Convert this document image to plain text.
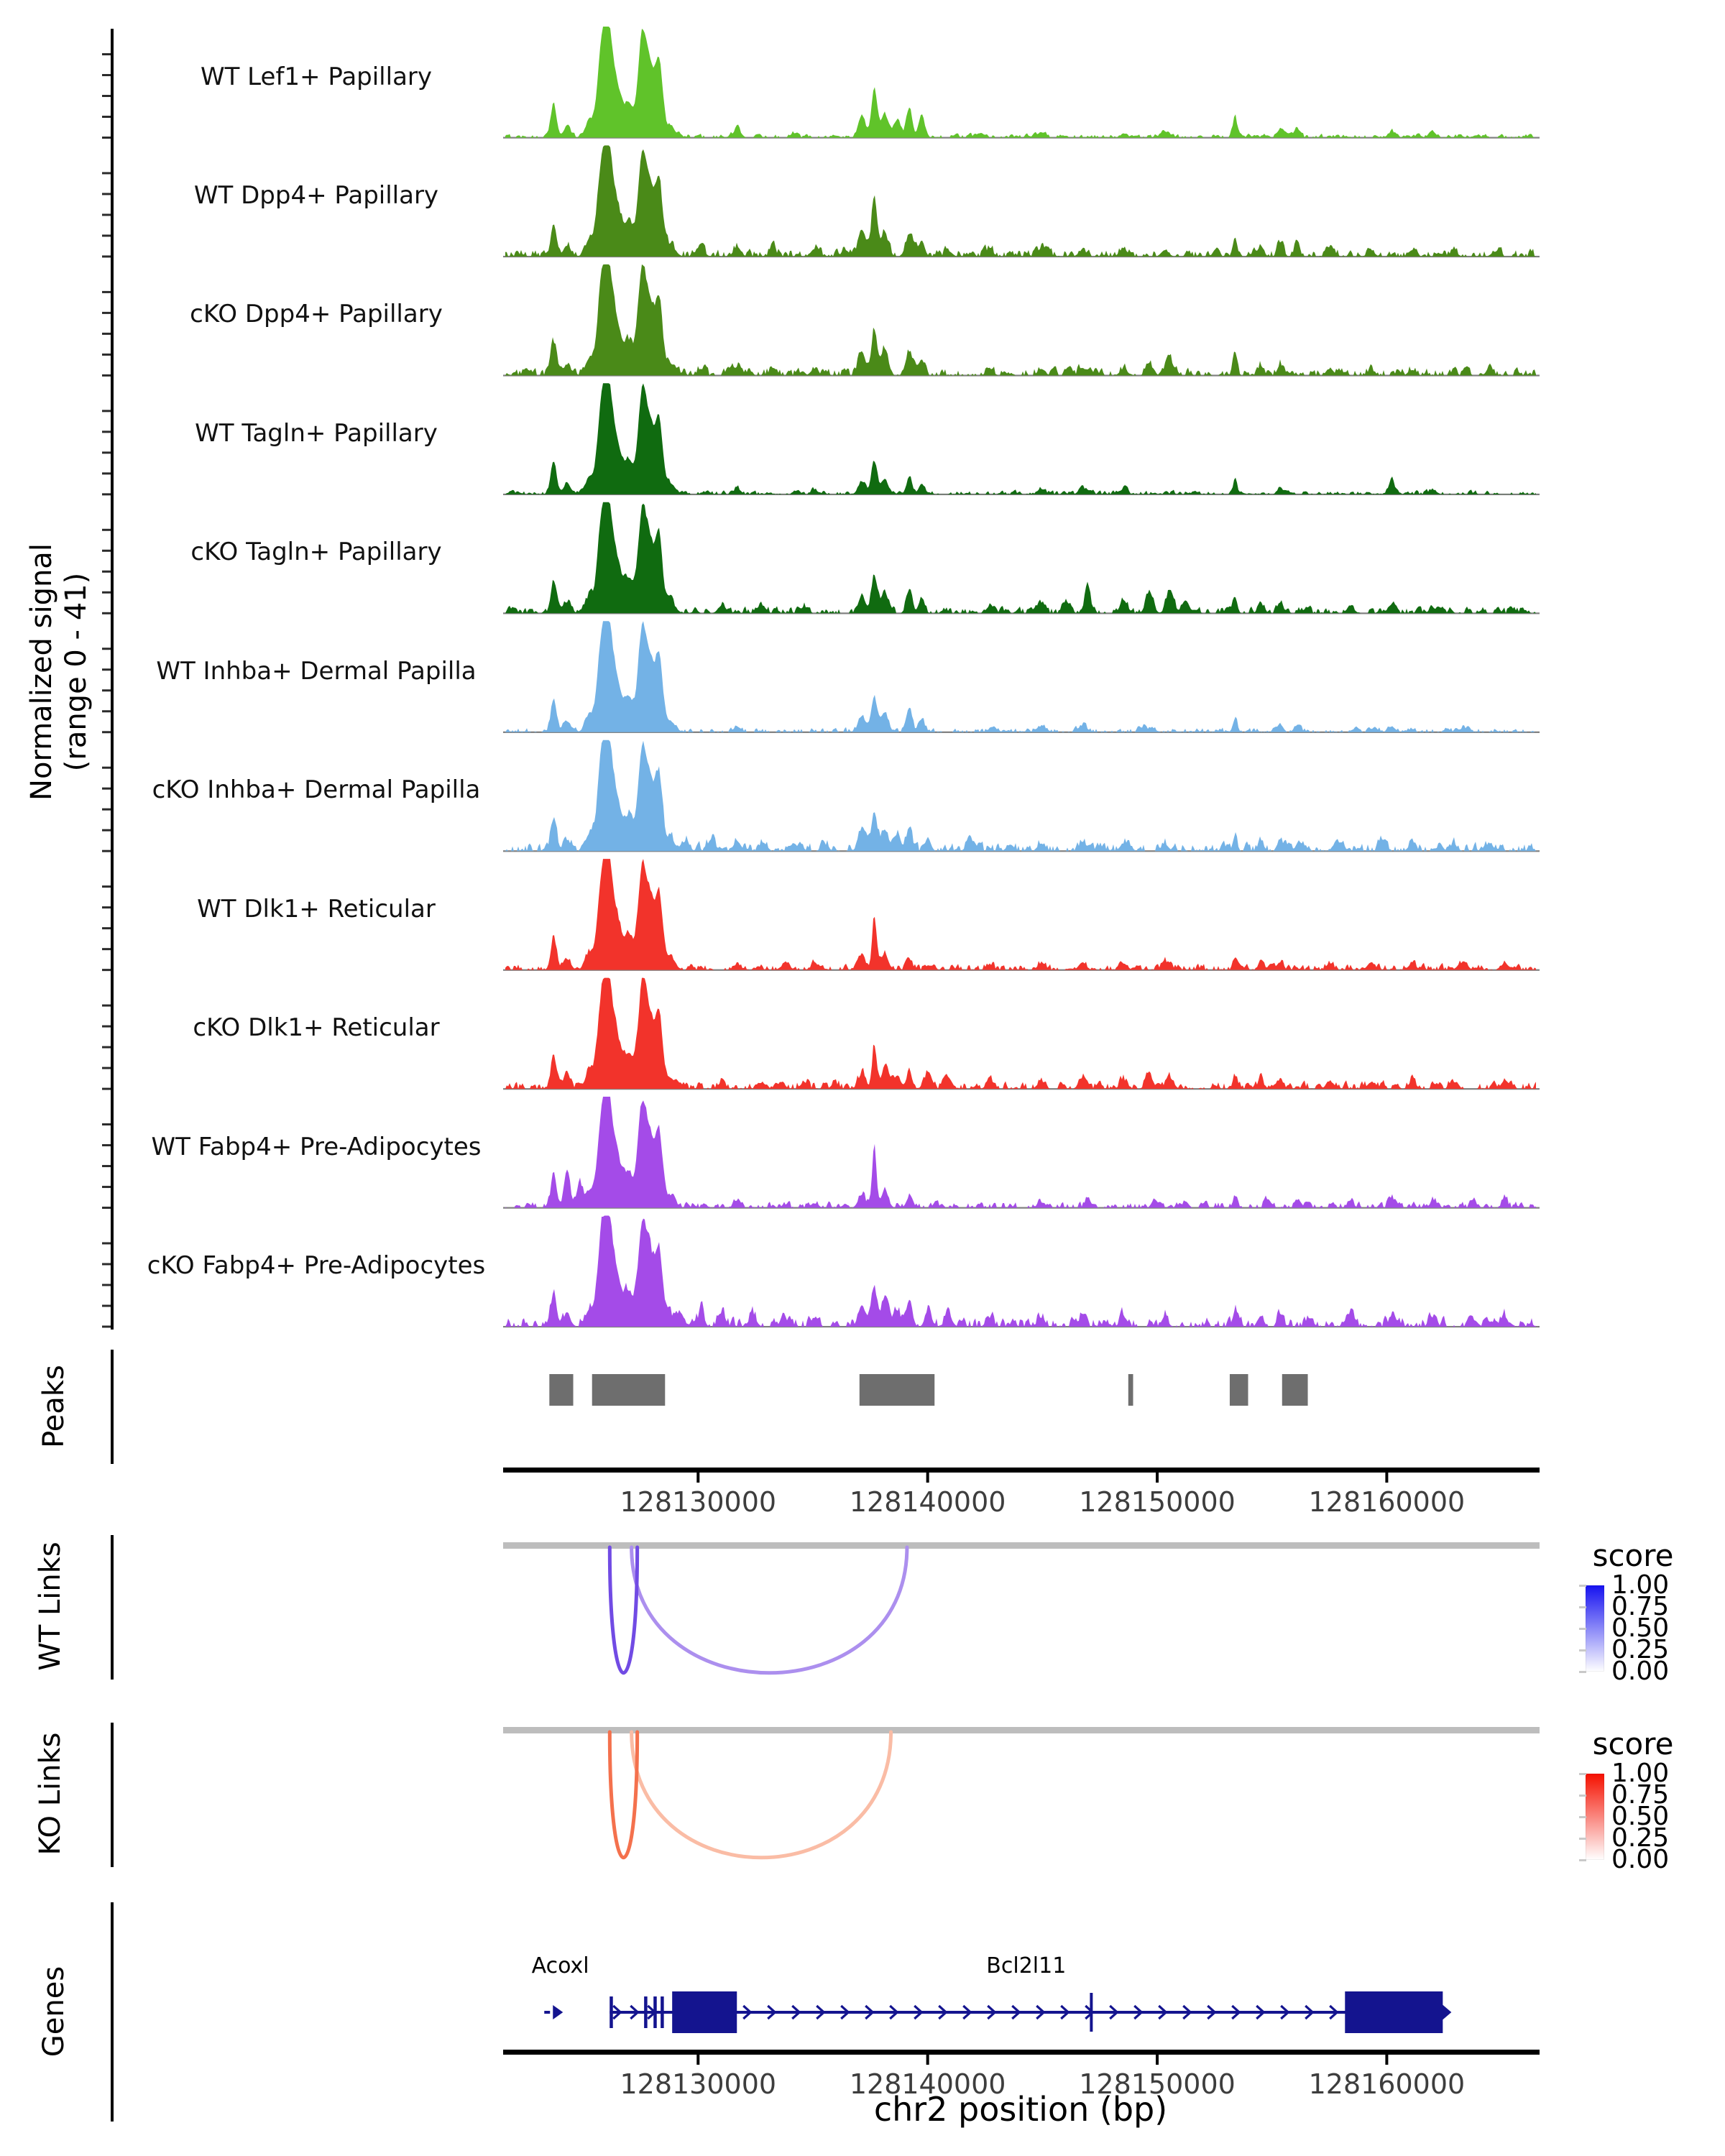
Normalized signal (range 0 - 41)
WT Lef1+ Papillary
WT Dpp4+ Papillary
cKO Dpp4+ Papillary
WT Tagln+ Papillary
cKO Tagln+ Papillary
WT Inhba+ Dermal Papilla
cKO Inhba+ Dermal Papilla
WT Dlk1+ Reticular
cKO Dlk1+ Reticular
WT Fabp4+ Pre-Adipocytes
cKO Fabp4+ Pre-Adipocytes
Peaks
WT Links
KO Links
Genes
128130000	128140000	128150000	128160000
128130000	128140000	128150000	128160000
chr2 position (bp)
score
1.00
0.75
0.50
0.25
0.00
score
1.00
0.75
0.50
0.25
0.00
Acoxl	Bcl2l11
